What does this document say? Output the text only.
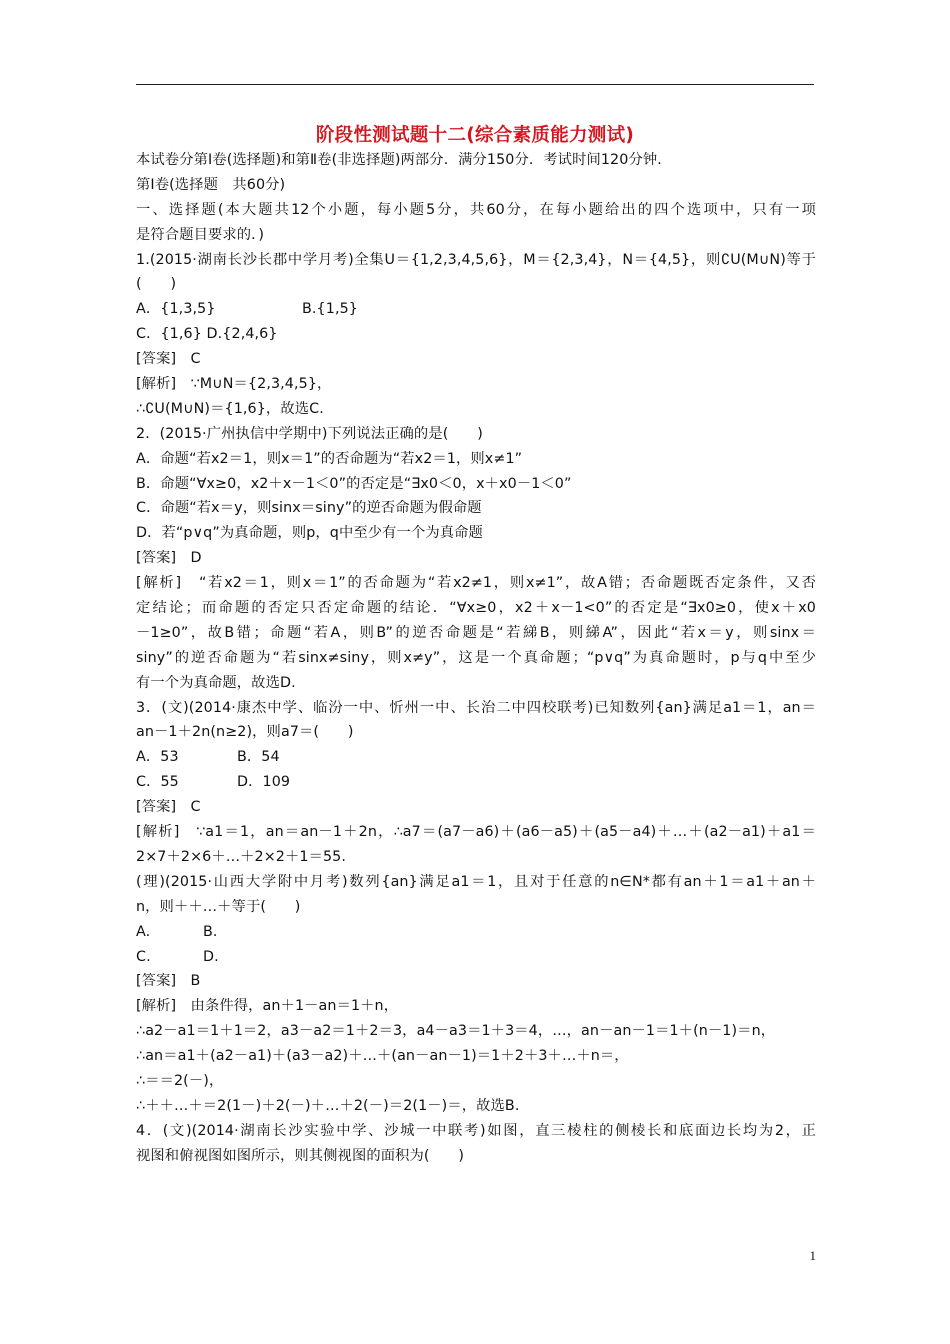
阶段性测试题十二(综合素质能力测试)
本试卷分第Ⅰ卷(选择题)和第Ⅱ卷(非选择题)两部分．满分150分．考试时间120分钟．
第Ⅰ卷(选择题　共60分)
一、选择题(本大题共12个小题，每小题5分，共60分，在每小题给出的四个选项中，只有一项
是符合题目要求的．)
1.(2015·湖南长沙长郡中学月考)全集U＝{1,2,3,4,5,6}，M＝{2,3,4}，N＝{4,5}，则∁U(M∪N)等于
(　　)
A．{1,3,5}	B.{1,5}
C．{1,6} D.{2,4,6}
[答案]　C
[解析]　∵M∪N＝{2,3,4,5}，
∴∁U(M∪N)＝{1,6}，故选C.
2．(2015·广州执信中学期中)下列说法正确的是(　　)
A．命题“若x2＝1，则x＝1”的否命题为“若x2＝1，则x≠1”
B．命题“∀x≥0，x2＋x－1＜0”的否定是“∃x0＜0，x＋x0－1＜0”
C．命题“若x＝y，则sinx＝siny”的逆否命题为假命题
D．若“p∨q”为真命题，则p，q中至少有一个为真命题
[答案]　D
[解析]　“若x2＝1，则x＝1”的否命题为“若x2≠1，则x≠1”，故A错；否命题既否定条件，又否
定结论；而命题的否定只否定命题的结论．“∀x≥0，x2＋x－1<0”的否定是“∃x0≥0，使x＋x0
－1≥0”，故B错；命题“若A，则B”的逆否命题是“若綈B，则綈A”，因此“若x＝y，则sinx＝
siny”的逆否命题为“若sinx≠siny，则x≠y”，这是一个真命题；“p∨q”为真命题时，p与q中至少
有一个为真命题，故选D.
3．(文)(2014·康杰中学、临汾一中、忻州一中、长治二中四校联考)已知数列{an}满足a1＝1，an＝
an－1＋2n(n≥2)，则a7＝(　　)
A．53	B．54
C．55	D．109
[答案]　C
[解析]　∵a1＝1，an＝an－1＋2n，∴a7＝(a7－a6)＋(a6－a5)＋(a5－a4)＋…＋(a2－a1)＋a1＝
2×7＋2×6＋…＋2×2＋1＝55.
(理)(2015·山西大学附中月考)数列{an}满足a1＝1，且对于任意的n∈N*都有an＋1＝a1＋an＋
n，则＋＋…＋等于(　　)
A.	B.
C.	D.
[答案]　B
[解析]　由条件得，an＋1－an＝1＋n，
∴a2－a1＝1＋1＝2，a3－a2＝1＋2＝3，a4－a3＝1＋3＝4，…，an－an－1＝1＋(n－1)＝n，
∴an＝a1＋(a2－a1)＋(a3－a2)＋…＋(an－an－1)＝1＋2＋3＋…＋n＝，
∴＝＝2(－)，
∴＋＋…＋＝2(1－)＋2(－)＋…＋2(－)＝2(1－)＝，故选B.
4．(文)(2014·湖南长沙实验中学、沙城一中联考)如图，直三棱柱的侧棱长和底面边长均为2，正
视图和俯视图如图所示，则其侧视图的面积为(　　)
1
